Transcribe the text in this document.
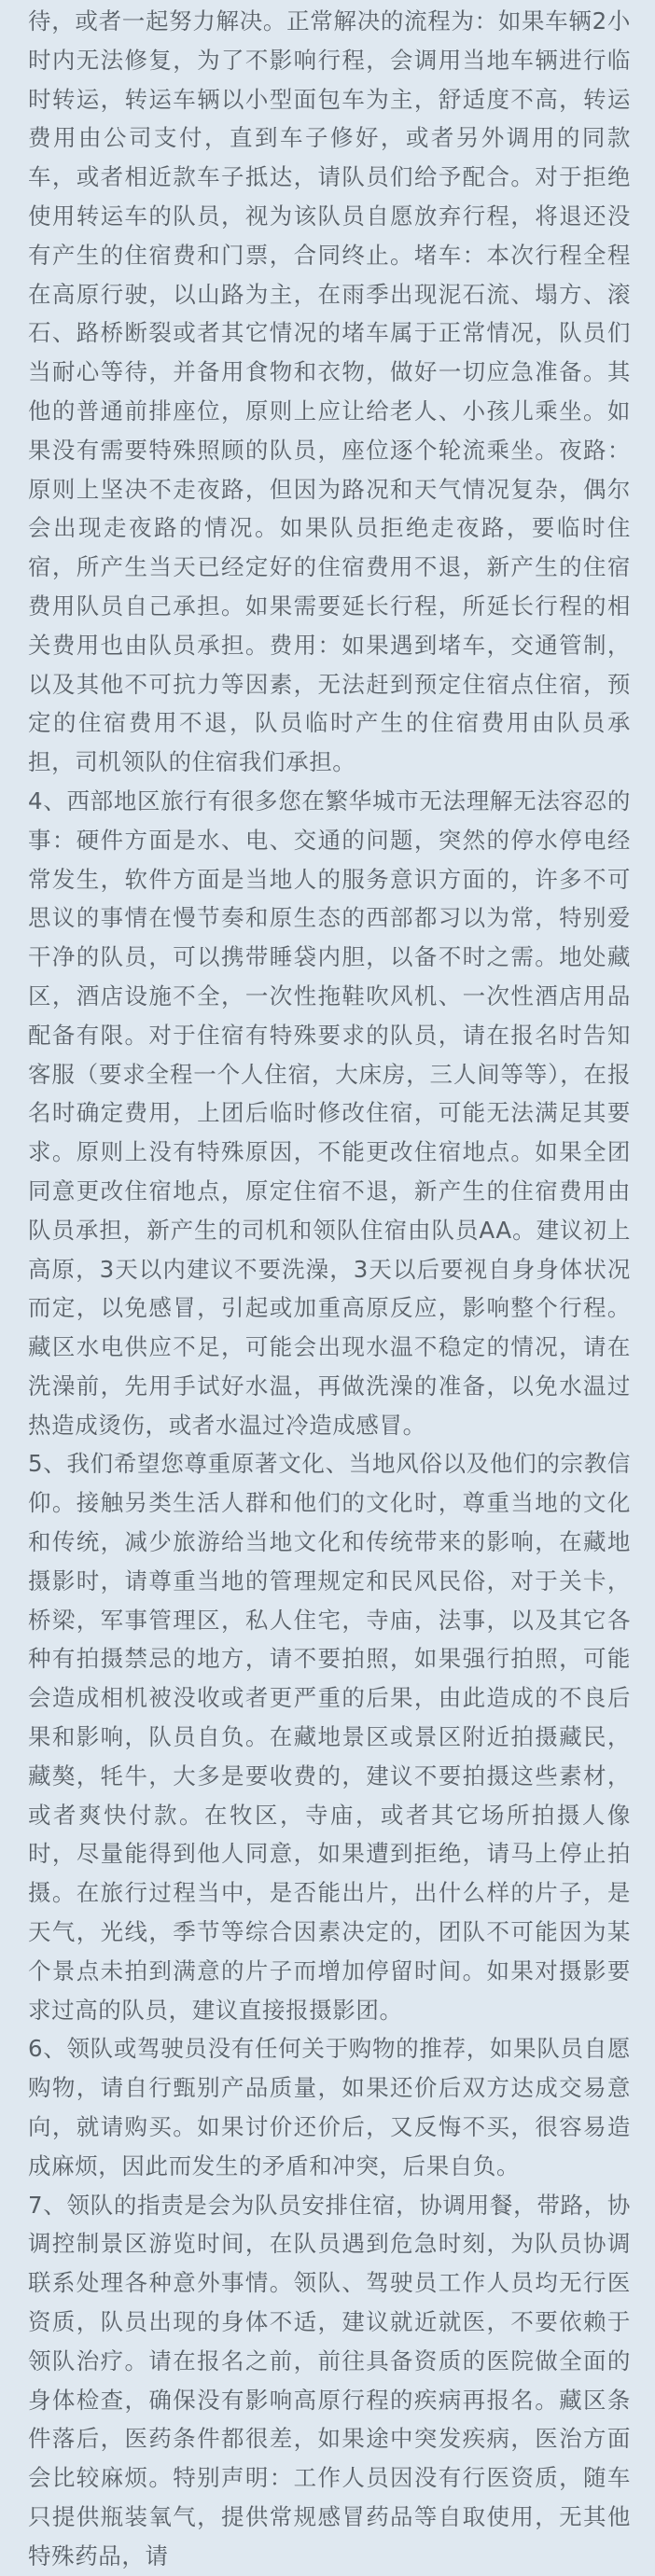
待，或者一起努力解决。正常解决的流程为：如果车辆2小时内无法修复，为了不影响行程，会调用当地车辆进行临时转运，转运车辆以小型面包车为主，舒适度不高，转运费用由公司支付，直到车子修好，或者另外调用的同款车，或者相近款车子抵达，请队员们给予配合。对于拒绝使用转运车的队员，视为该队员自愿放弃行程，将退还没有产生的住宿费和门票，合同终止。堵车：本次行程全程在高原行驶，以山路为主，在雨季出现泥石流、塌方、滚石、路桥断裂或者其它情况的堵车属于正常情况，队员们当耐心等待，并备用食物和衣物，做好一切应急准备。其他的普通前排座位，原则上应让给老人、小孩儿乘坐。如果没有需要特殊照顾的队员，座位逐个轮流乘坐。夜路：原则上坚决不走夜路，但因为路况和天气情况复杂，偶尔会出现走夜路的情况。如果队员拒绝走夜路，要临时住宿，所产生当天已经定好的住宿费用不退，新产生的住宿费用队员自己承担。如果需要延长行程，所延长行程的相关费用也由队员承担。费用：如果遇到堵车，交通管制，以及其他不可抗力等因素，无法赶到预定住宿点住宿，预定的住宿费用不退，队员临时产生的住宿费用由队员承担，司机领队的住宿我们承担。

4、西部地区旅行有很多您在繁华城市无法理解无法容忍的事：硬件方面是水、电、交通的问题，突然的停水停电经常发生，软件方面是当地人的服务意识方面的，许多不可思议的事情在慢节奏和原生态的西部都习以为常，特别爱干净的队员，可以携带睡袋内胆，以备不时之需。地处藏区，酒店设施不全，一次性拖鞋吹风机、一次性酒店用品配备有限。对于住宿有特殊要求的队员，请在报名时告知客服（要求全程一个人住宿，大床房，三人间等等），在报名时确定费用，上团后临时修改住宿，可能无法满足其要求。原则上没有特殊原因，不能更改住宿地点。如果全团同意更改住宿地点，原定住宿不退，新产生的住宿费用由队员承担，新产生的司机和领队住宿由队员AA。建议初上高原，3天以内建议不要洗澡，3天以后要视自身身体状况而定，以免感冒，引起或加重高原反应，影响整个行程。藏区水电供应不足，可能会出现水温不稳定的情况，请在洗澡前，先用手试好水温，再做洗澡的准备，以免水温过热造成烫伤，或者水温过冷造成感冒。

5、我们希望您尊重原著文化、当地风俗以及他们的宗教信仰。接触另类生活人群和他们的文化时，尊重当地的文化和传统，减少旅游给当地文化和传统带来的影响，在藏地摄影时，请尊重当地的管理规定和民风民俗，对于关卡，桥梁，军事管理区，私人住宅，寺庙，法事，以及其它各种有拍摄禁忌的地方，请不要拍照，如果强行拍照，可能会造成相机被没收或者更严重的后果，由此造成的不良后果和影响，队员自负。在藏地景区或景区附近拍摄藏民，藏獒，牦牛，大多是要收费的，建议不要拍摄这些素材，或者爽快付款。在牧区，寺庙，或者其它场所拍摄人像时，尽量能得到他人同意，如果遭到拒绝，请马上停止拍摄。在旅行过程当中，是否能出片，出什么样的片子，是天气，光线，季节等综合因素决定的，团队不可能因为某个景点未拍到满意的片子而增加停留时间。如果对摄影要求过高的队员，建议直接报摄影团。

6、领队或驾驶员没有任何关于购物的推荐，如果队员自愿购物，请自行甄别产品质量，如果还价后双方达成交易意向，就请购买。如果讨价还价后，又反悔不买，很容易造成麻烦，因此而发生的矛盾和冲突，后果自负。

7、领队的指责是会为队员安排住宿，协调用餐，带路，协调控制景区游览时间，在队员遇到危急时刻，为队员协调联系处理各种意外事情。领队、驾驶员工作人员均无行医资质，队员出现的身体不适，建议就近就医，不要依赖于领队治疗。请在报名之前，前往具备资质的医院做全面的身体检查，确保没有影响高原行程的疾病再报名。藏区条件落后，医药条件都很差，如果途中突发疾病，医治方面会比较麻烦。特别声明：工作人员因没有行医资质，随车只提供瓶装氧气，提供常规感冒药品等自取使用，无其他特殊药品，请
